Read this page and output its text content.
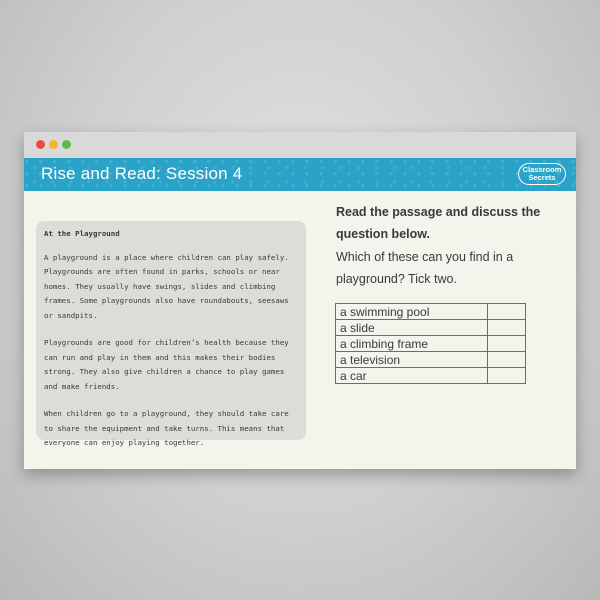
Rise and Read: Session 4	Classroom
Secrets
At the Playground

A playground is a place where children can play safely. Playgrounds are often found in parks, schools or near homes. They usually have swings, slides and climbing frames. Some playgrounds also have roundabouts, seesaws or sandpits.

Playgrounds are good for children’s health because they can run and play in them and this makes their bodies strong. They also give children a chance to play games and make friends.

When children go to a playground, they should take care to share the equipment and take turns. This means that everyone can enjoy playing together.

Read the passage and discuss the question below.
Which of these can you find in a playground? Tick two.
a swimming pool	
a slide	
a climbing frame	
a television	
a car	
